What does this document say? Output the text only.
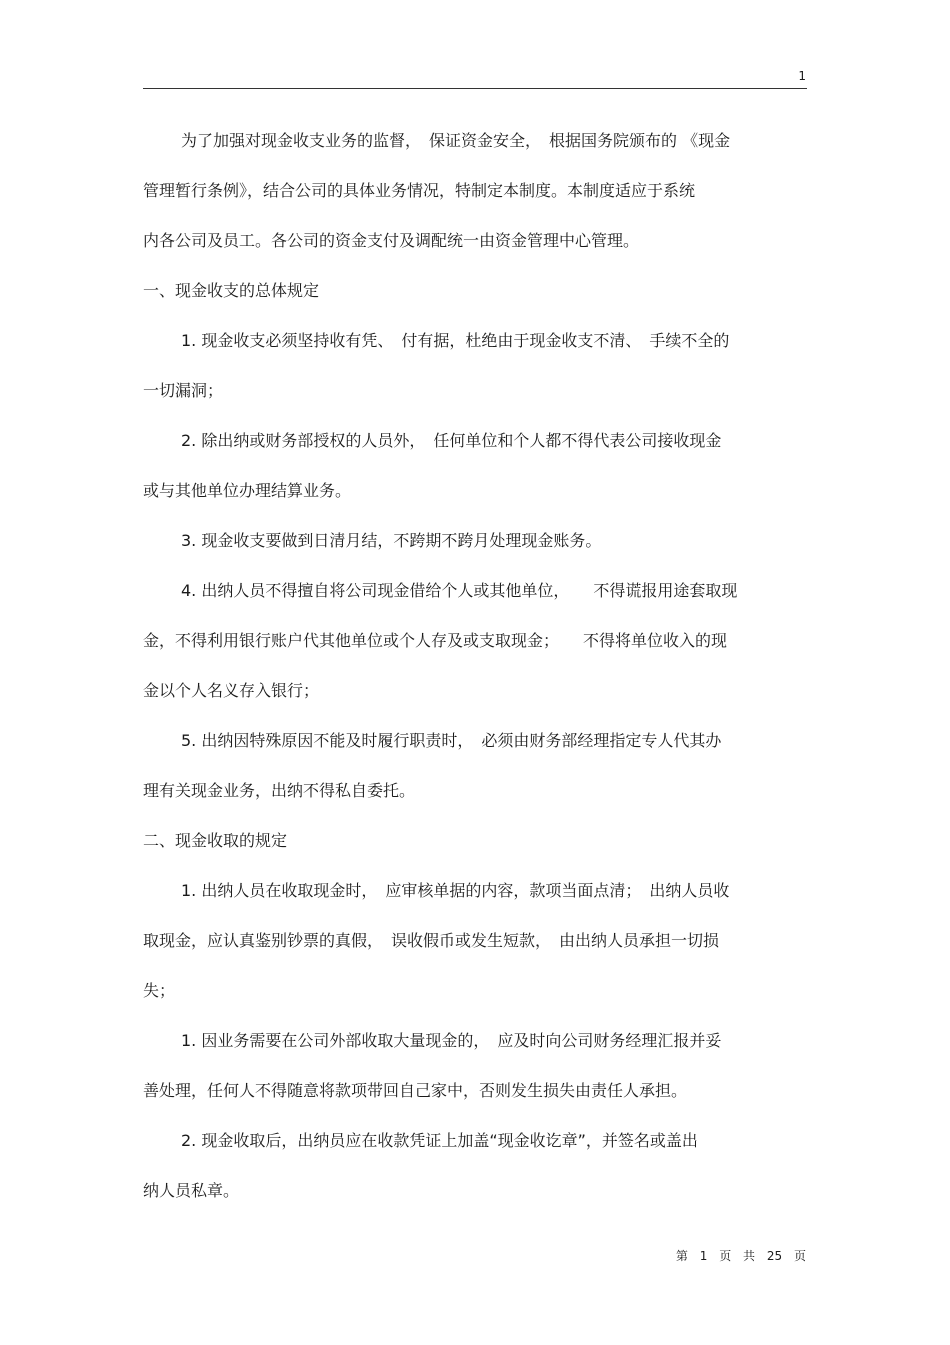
1
为了加强对现金收支业务的监督，　保证资金安全，　根据国务院颁布的 《现金
管理暂行条例》，结合公司的具体业务情况，特制定本制度。本制度适应于系统
内各公司及员工。各公司的资金支付及调配统一由资金管理中心管理。
一、现金收支的总体规定
1. 现金收支必须坚持收有凭、　付有据，杜绝由于现金收支不清、　手续不全的
一切漏洞；
2. 除出纳或财务部授权的人员外，　任何单位和个人都不得代表公司接收现金
或与其他单位办理结算业务。
3. 现金收支要做到日清月结，不跨期不跨月处理现金账务。
4. 出纳人员不得擅自将公司现金借给个人或其他单位，　　不得谎报用途套取现
金，不得利用银行账户代其他单位或个人存及或支取现金；　　不得将单位收入的现
金以个人名义存入银行；
5. 出纳因特殊原因不能及时履行职责时，　必须由财务部经理指定专人代其办
理有关现金业务，出纳不得私自委托。
二、现金收取的规定
1. 出纳人员在收取现金时，　应审核单据的内容，款项当面点清；　出纳人员收
取现金，应认真鉴别钞票的真假，　误收假币或发生短款，　由出纳人员承担一切损
失；
1. 因业务需要在公司外部收取大量现金的，　应及时向公司财务经理汇报并妥
善处理，任何人不得随意将款项带回自己家中，否则发生损失由责任人承担。
2. 现金收取后，出纳员应在收款凭证上加盖“现金收讫章”，并签名或盖出
纳人员私章。
第 1 页 共 25 页
